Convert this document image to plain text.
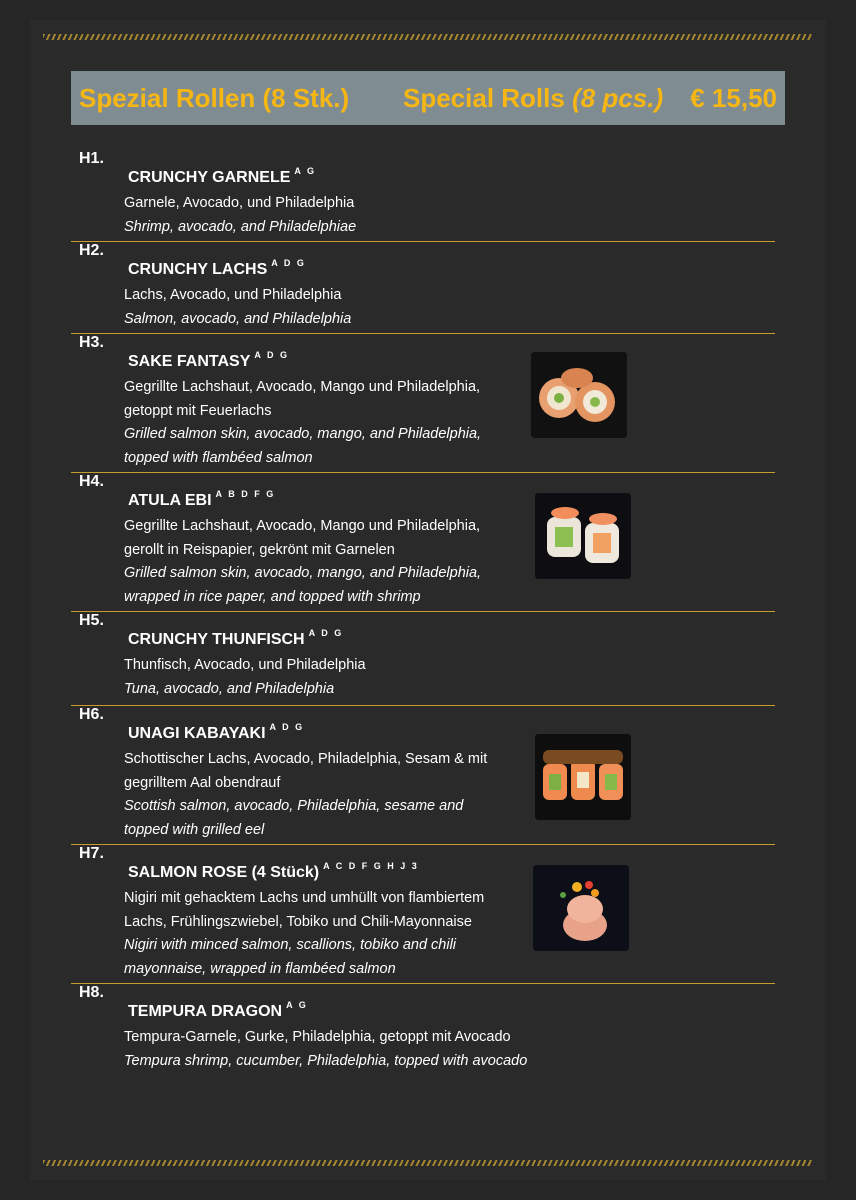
Spezial Rollen (8 Stk.) Special Rolls (8 pcs.) € 15,50
H1.
CRUNCHY GARNELE $^{A G}$
Garnele, Avocado, und Philadelphia
Shrimp, avocado, and Philadelphiae
H2.
CRUNCHY LACHS $^{A D G}$
Lachs, Avocado, und Philadelphia
Salmon, avocado, and Philadelphia
H3.
SAKE FANTASY $^{A D G}$
Gegrillte Lachshaut, Avocado, Mango und Philadelphia,
getoppt mit Feuerlachs
Grilled salmon skin, avocado, mango, and Philadelphia,
topped with flambéed salmon
H4.
ATULA EBI $^{A B D F G}$
Gegrillte Lachshaut, Avocado, Mango und Philadelphia,
gerollt in Reispapier, gekrönt mit Garnelen
Grilled salmon skin, avocado, mango, and Philadelphia,
wrapped in rice paper, and topped with shrimp
H5.
CRUNCHY THUNFISCH $^{A D G}$
Thunfisch, Avocado, und Philadelphia
Tuna, avocado, and Philadelphia
H6.
UNAGI KABAYAKI $^{A D G}$
Schottischer Lachs, Avocado, Philadelphia, Sesam & mit
gegrilltem Aal obendrauf
Scottish salmon, avocado, Philadelphia, sesame and
topped with grilled eel
H7.
SALMON ROSE (4 Stück) $^{A C D F G H J 3}$
Nigiri mit gehacktem Lachs und umhüllt von flambiertem
Lachs, Frühlingszwiebel, Tobiko und Chili-Mayonnaise
Nigiri with minced salmon, scallions, tobiko and chili
mayonnaise, wrapped in flambéed salmon
H8.
TEMPURA DRAGON $^{A G}$
Tempura-Garnele, Gurke, Philadelphia, getoppt mit Avocado
Tempura shrimp, cucumber, Philadelphia, topped with avocado
